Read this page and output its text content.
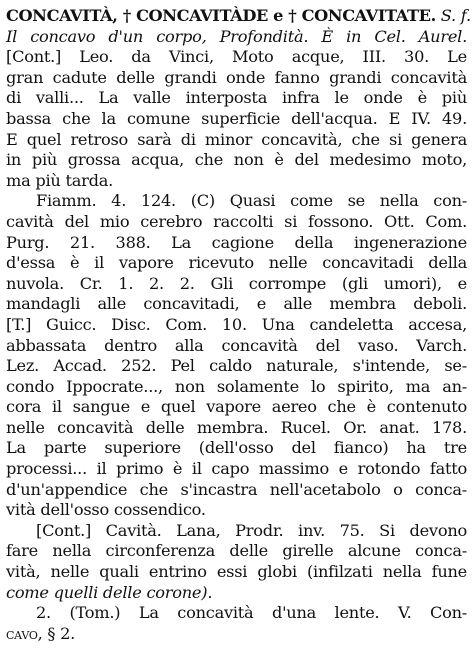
CONCAVITÀ, † CONCAVITÀDE e † CONCAVITATE. S. f.
Il concavo d'un corpo, Profondità. È in Cel. Aurel.
[Cont.] Leo. da Vinci, Moto acque, III. 30. Le
gran cadute delle grandi onde fanno grandi concavità
di valli... La valle interposta infra le onde è più
bassa che la comune superficie dell'acqua. E IV. 49.
E quel retroso sarà di minor concavità, che si genera
in più grossa acqua, che non è del medesimo moto,
ma più tarda.
Fiamm. 4. 124. (C) Quasi come se nella con-
cavità del mio cerebro raccolti si fossono. Ott. Com.
Purg. 21. 388. La cagione della ingenerazione
d'essa è il vapore ricevuto nelle concavitadi della
nuvola. Cr. 1. 2. 2. Gli corrompe (gli umori), e
mandagli alle concavitadi, e alle membra deboli.
[T.] Guicc. Disc. Com. 10. Una candeletta accesa,
abbassata dentro alla concavità del vaso. Varch.
Lez. Accad. 252. Pel caldo naturale, s'intende, se-
condo Ippocrate..., non solamente lo spirito, ma an-
cora il sangue e quel vapore aereo che è contenuto
nelle concavità delle membra. Rucel. Or. anat. 178.
La parte superiore (dell'osso del fianco) ha tre
processi... il primo è il capo massimo e rotondo fatto
d'un'appendice che s'incastra nell'acetabolo o conca-
vità dell'osso cossendico.
[Cont.] Cavità. Lana, Prodr. inv. 75. Si devono
fare nella circonferenza delle girelle alcune conca-
vità, nelle quali entrino essi globi (infilzati nella fune
come quelli delle corone).
2. (Tom.) La concavità d'una lente. V. Con-
cavo, § 2.
